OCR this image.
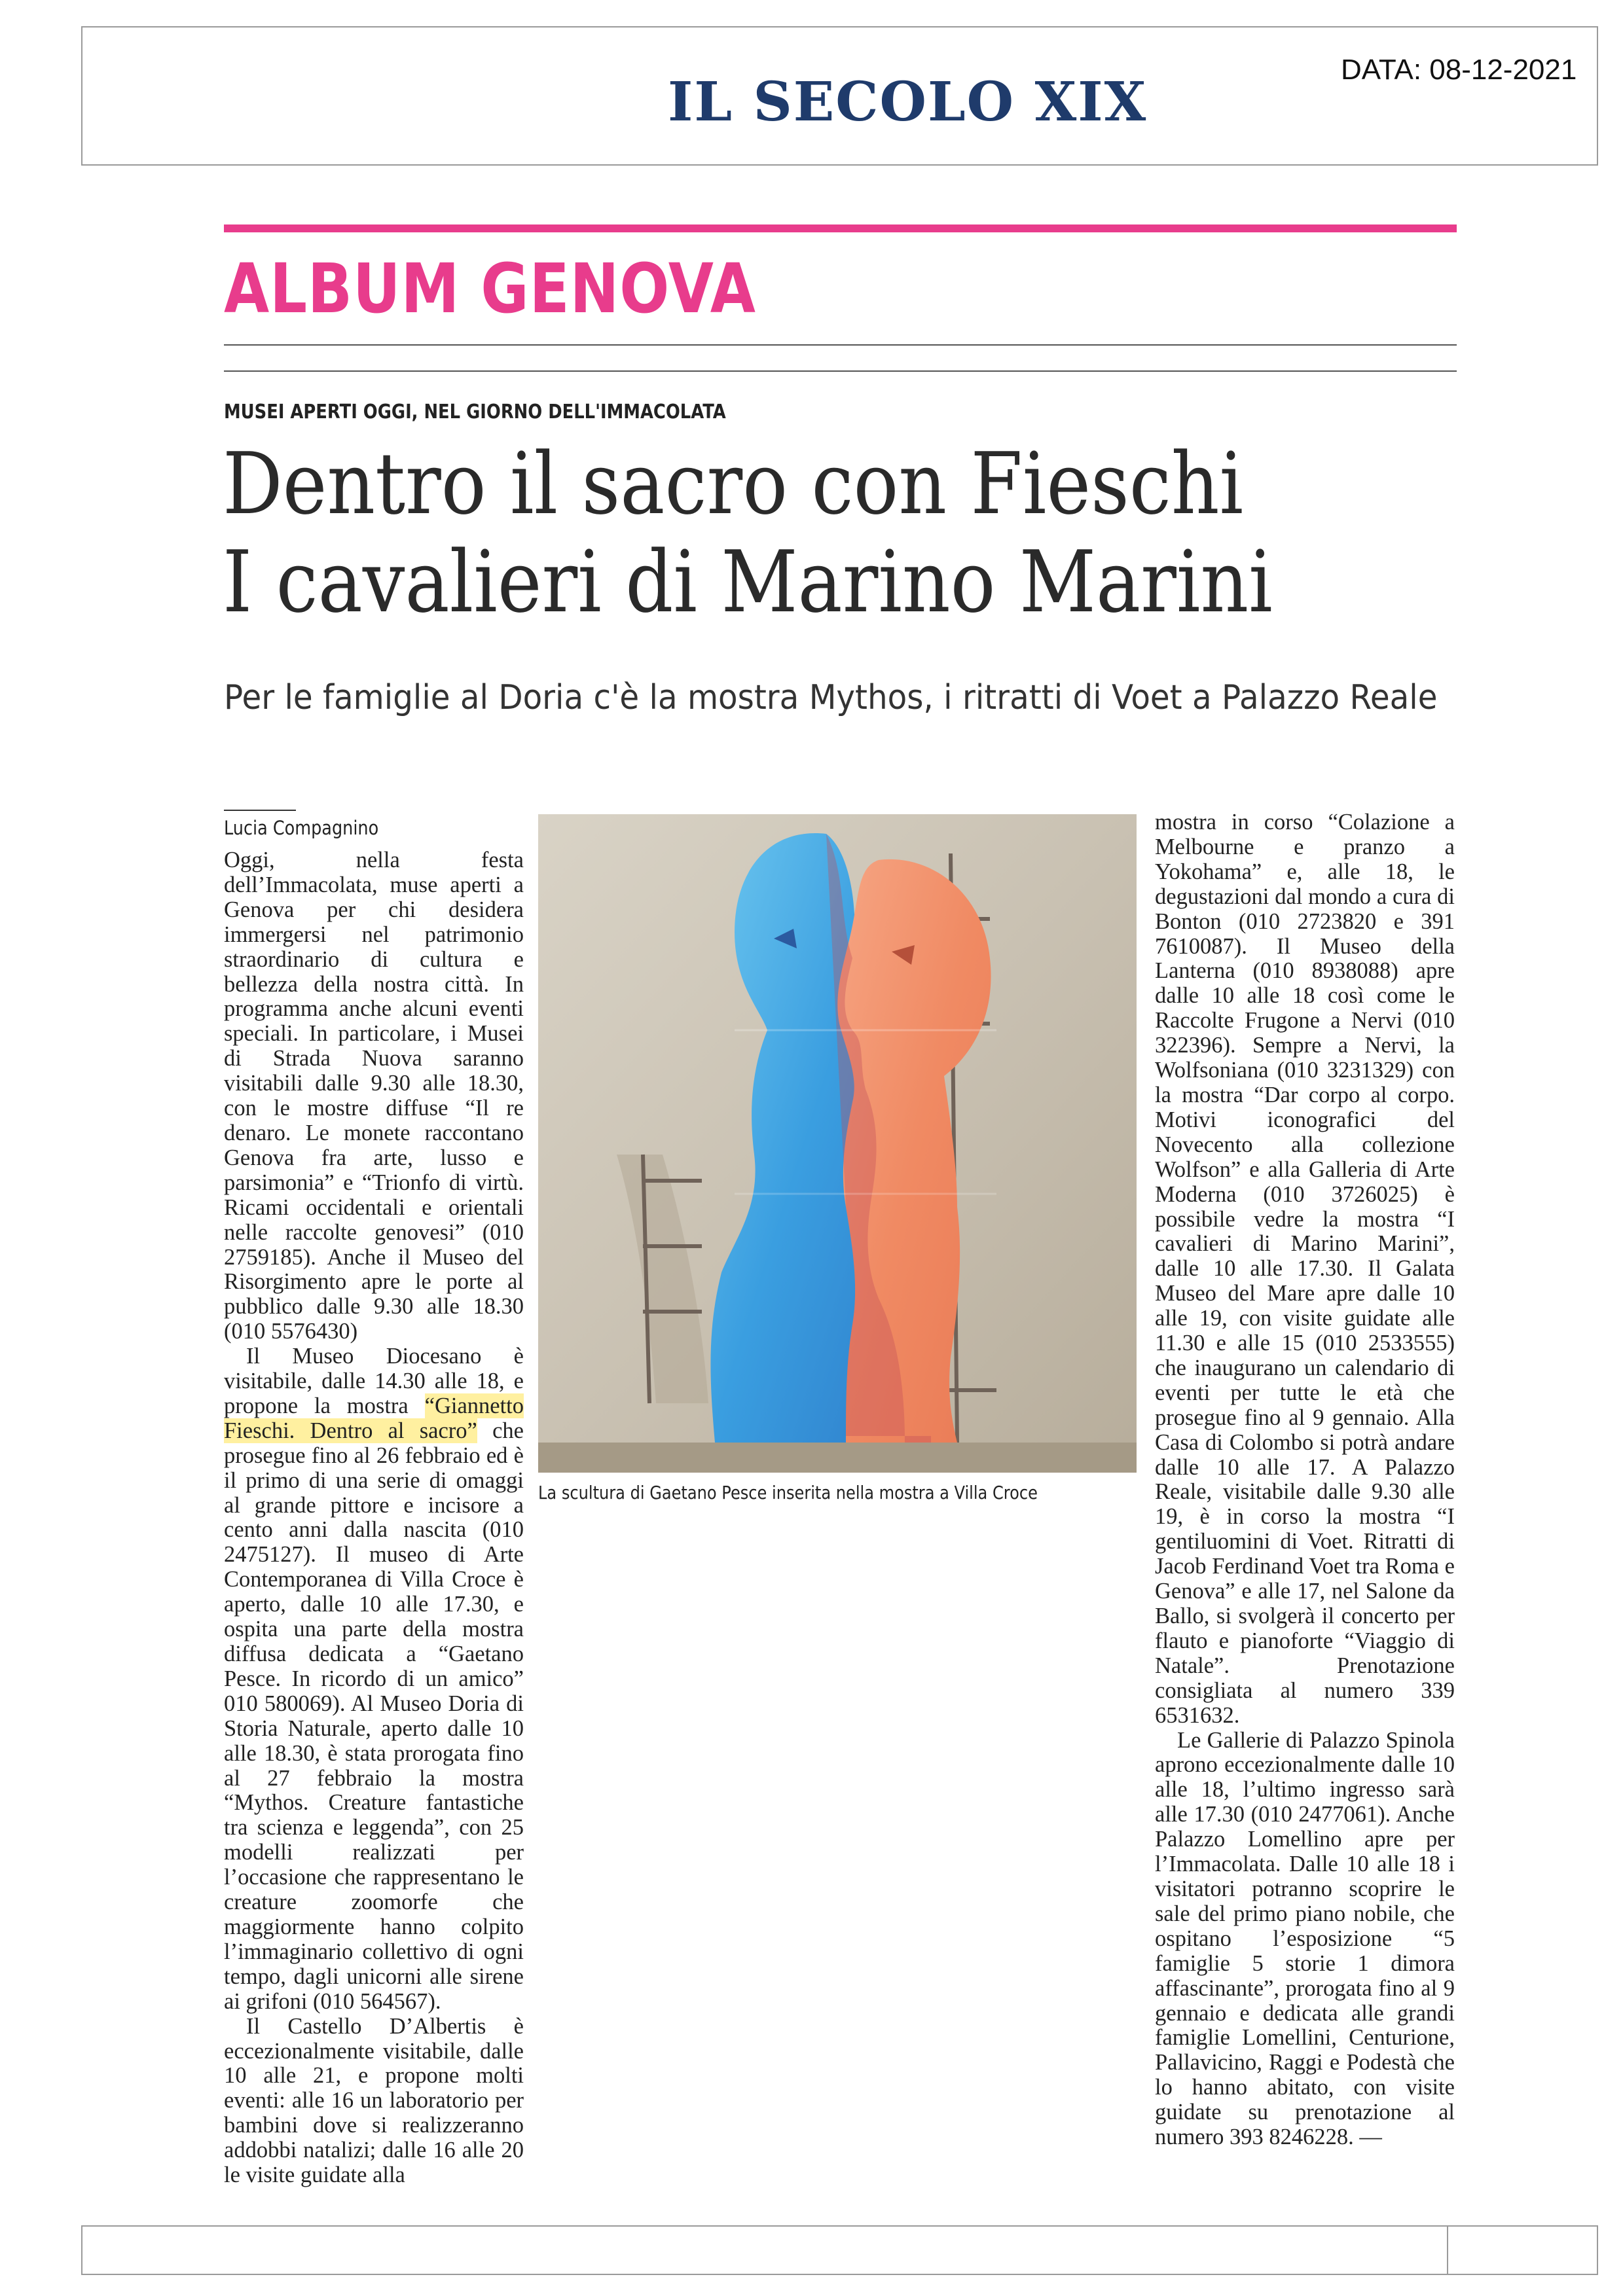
IL SECOLO XIX
DATA: 08-12-2021
ALBUM GENOVA
MUSEI APERTI OGGI, NEL GIORNO DELL'IMMACOLATA
Dentro il sacro con Fieschi
I cavalieri di Marino Marini
Per le famiglie al Doria c'è la mostra Mythos, i ritratti di Voet a Palazzo Reale
Lucia Compagnino

Oggi, nella festa dell’Immacolata, muse aperti a Genova per chi desidera immergersi nel patrimonio straordinario di cultura e bellezza della nostra città. In programma anche alcuni eventi speciali. In particolare, i Musei di Strada Nuova saranno visitabili dalle 9.30 alle 18.30, con le mostre diffuse “Il re denaro. Le monete raccontano Genova fra arte, lusso e parsimonia” e “Trionfo di virtù. Ricami occidentali e orientali nelle raccolte genovesi” (010 2759185). Anche il Museo del Risorgimento apre le porte al pubblico dalle 9.30 alle 18.30 (010 5576430)

Il Museo Diocesano è visitabile, dalle 14.30 alle 18, e propone la mostra “Giannetto Fieschi. Dentro al sacro” che prosegue fino al 26 febbraio ed è il primo di una serie di omaggi al grande pittore e incisore a cento anni dalla nascita (010 2475127). Il museo di Arte Contemporanea di Villa Croce è aperto, dalle 10 alle 17.30, e ospita una parte della mostra diffusa dedicata a “Gaetano Pesce. In ricordo di un amico” 010 580069). Al Museo Doria di Storia Naturale, aperto dalle 10 alle 18.30, è stata prorogata fino al 27 febbraio la mostra “Mythos. Creature fantastiche tra scienza e leggenda”, con 25 modelli realizzati per l’occasione che rappresentano le creature zoomorfe che maggiormente hanno colpito l’immaginario collettivo di ogni tempo, dagli unicorni alle sirene ai grifoni (010 564567).

Il Castello D’Albertis è eccezionalmente visitabile, dalle 10 alle 21, e propone molti eventi: alle 16 un laboratorio per bambini dove si realizzeranno addobbi natalizi; dalle 16 alle 20 le visite guidate alla

La scultura di Gaetano Pesce inserita nella mostra a Villa Croce

mostra in corso “Colazione a Melbourne e pranzo a Yokohama” e, alle 18, le degustazioni dal mondo a cura di Bonton (010 2723820 e 391 7610087). Il Museo della Lanterna (010 8938088) apre dalle 10 alle 18 così come le Raccolte Frugone a Nervi (010 322396). Sempre a Nervi, la Wolfsoniana (010 3231329) con la mostra “Dar corpo al corpo. Motivi iconografici del Novecento alla collezione Wolfson” e alla Galleria di Arte Moderna (010 3726025) è possibile vedre la mostra “I cavalieri di Marino Marini”, dalle 10 alle 17.30. Il Galata Museo del Mare apre dalle 10 alle 19, con visite guidate alle 11.30 e alle 15 (010 2533555) che inaugurano un calendario di eventi per tutte le età che prosegue fino al 9 gennaio. Alla Casa di Colombo si potrà andare dalle 10 alle 17. A Palazzo Reale, visitabile dalle 9.30 alle 19, è in corso la mostra “I gentiluomini di Voet. Ritratti di Jacob Ferdinand Voet tra Roma e Genova” e alle 17, nel Salone da Ballo, si svolgerà il concerto per flauto e pianoforte “Viaggio di Natale”. Prenotazione consigliata al numero 339 6531632.

Le Gallerie di Palazzo Spinola aprono eccezionalmente dalle 10 alle 18, l’ultimo ingresso sarà alle 17.30 (010 2477061). Anche Palazzo Lomellino apre per l’Immacolata. Dalle 10 alle 18 i visitatori potranno scoprire le sale del primo piano nobile, che ospitano l’esposizione “5 famiglie 5 storie 1 dimora affascinante”, prorogata fino al 9 gennaio e dedicata alle grandi famiglie Lomellini, Centurione, Pallavicino, Raggi e Podestà che lo hanno abitato, con visite guidate su prenotazione al numero 393 8246228. —
